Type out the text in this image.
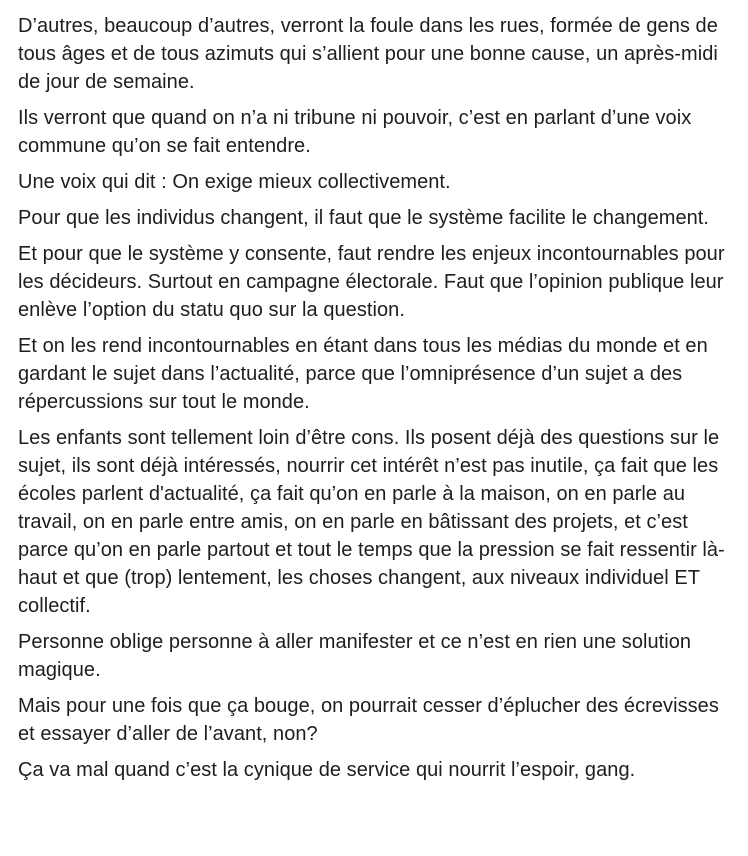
D’autres, beaucoup d’autres, verront la foule dans les rues, formée de gens de tous âges et de tous azimuts qui s’allient pour une bonne cause, un après-midi de jour de semaine.

Ils verront que quand on n’a ni tribune ni pouvoir, c’est en parlant d’une voix commune qu’on se fait entendre.

Une voix qui dit : On exige mieux collectivement.

Pour que les individus changent, il faut que le système facilite le changement.

Et pour que le système y consente, faut rendre les enjeux incontournables pour les décideurs. Surtout en campagne électorale. Faut que l’opinion publique leur enlève l’option du statu quo sur la question.

Et on les rend incontournables en étant dans tous les médias du monde et en gardant le sujet dans l’actualité, parce que l’omniprésence d’un sujet a des répercussions sur tout le monde.

Les enfants sont tellement loin d’être cons. Ils posent déjà des questions sur le sujet, ils sont déjà intéressés, nourrir cet intérêt n’est pas inutile, ça fait que les écoles parlent d'actualité, ça fait qu’on en parle à la maison, on en parle au travail, on en parle entre amis, on en parle en bâtissant des projets, et c’est parce qu’on en parle partout et tout le temps que la pression se fait ressentir là-haut et que (trop) lentement, les choses changent, aux niveaux individuel ET collectif.

Personne oblige personne à aller manifester et ce n’est en rien une solution magique.

Mais pour une fois que ça bouge, on pourrait cesser d’éplucher des écrevisses et essayer d’aller de l’avant, non?

Ça va mal quand c’est la cynique de service qui nourrit l’espoir, gang.
